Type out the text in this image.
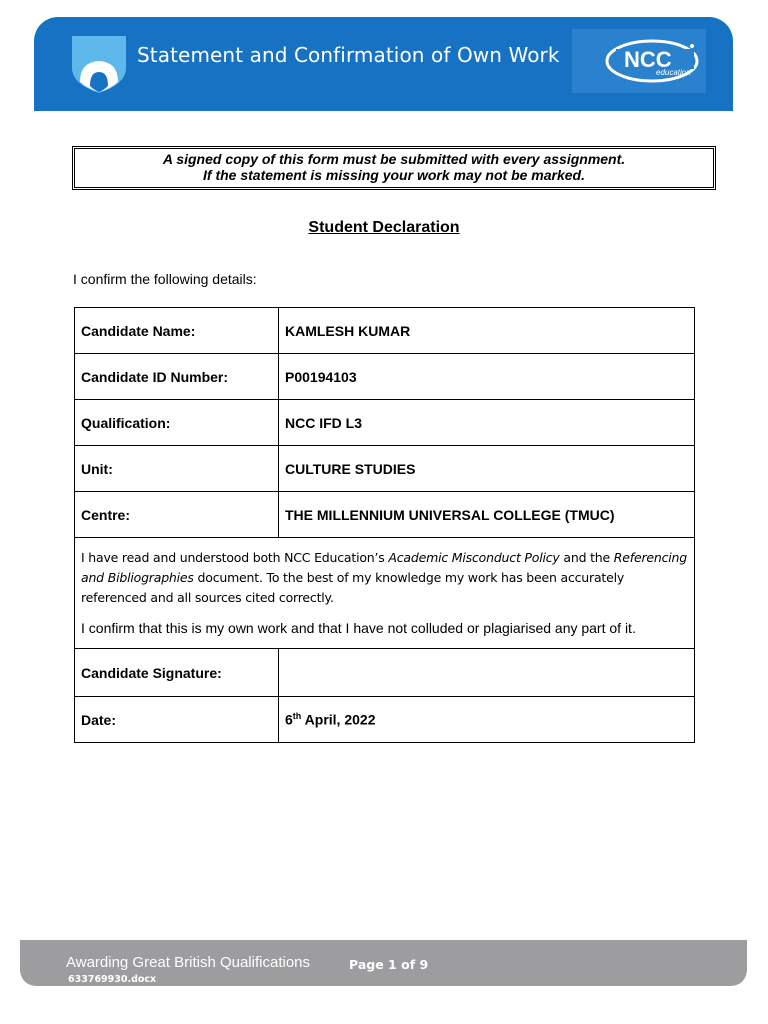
Statement and Confirmation of Own Work	NCC
education
A signed copy of this form must be submitted with every assignment.
If the statement is missing your work may not be marked.
Student Declaration
I confirm the following details:
Candidate Name:	KAMLESH KUMAR
Candidate ID Number:	P00194103
Qualification:	NCC IFD L3
Unit:	CULTURE STUDIES
Centre:	THE MILLENNIUM UNIVERSAL COLLEGE (TMUC)

I have read and understood both NCC Education’s Academic Misconduct Policy and the Referencing and Bibliographies document. To the best of my knowledge my work has been accurately referenced and all sources cited correctly.

I confirm that this is my own work and that I have not colluded or plagiarised any part of it.	

Candidate Signature:	
Date:	6th April, 2022
Awarding Great British Qualifications	Page 1 of 9
633769930.docx
